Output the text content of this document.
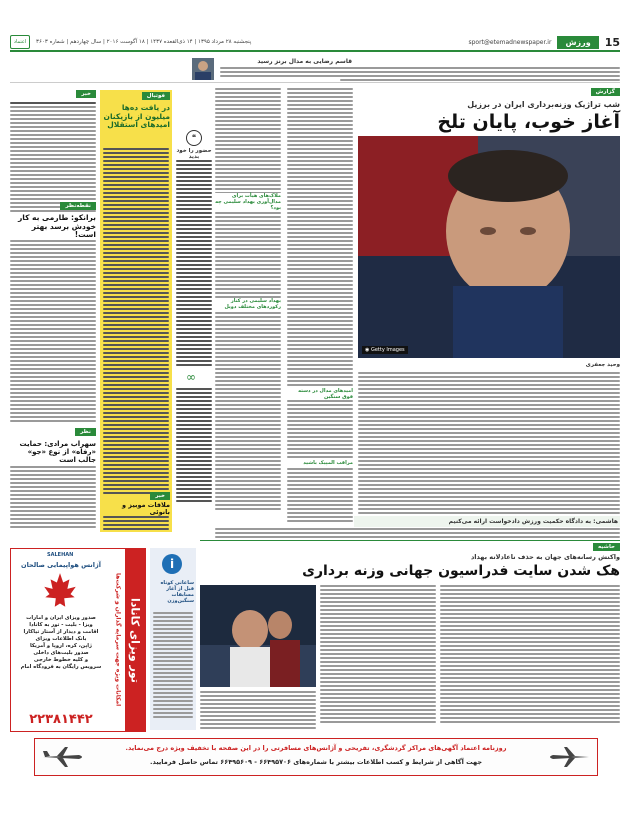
15
ورزش
sport@etemadnewspaper.ir
پنجشنبه ۲۸ مرداد ۱۳۹۵ | ۱۴ ذی‌القعده ۱۴۳۷ | ۱۸ آگوست ۲۰۱۶ | سال چهاردهم | شماره ۳۶۰۳
اعتماد
قاسم رضایی به مدال برنز رسید
گزارش
شب تراژیک وزنه‌برداری ایران در برزیل
آغاز خوب، پایان تلخ
◉ Getty Images
ملاک‌های هیأت برای مدال‌آوری بهداد سلیمی چه بود؟
بهداد سلیمی در کنار رکوردهای مختلف دوبل
امیدهای مدال در دسته فوق سنگین
مراقب المپیک باشید
وحید جعفری
هاشمی: به دادگاه حکمیت ورزش دادخواست ارائه می‌کنیم
❝
حضور را خود بدید
∞
فوتبال
در یافت ده‌ها میلیون از بازیکنان امیدهای استقلال
خبر
ملاقات موبیز و بانوئی
خبر
نقطه‌نظر
برانکو: طارمی به کار خودش برسد بهتر است!
نظر
سهراب مرادی: حمایت «رفاه» از نوع «جو» جالب است
حاشیه
واکنش رسانه‌های جهان به حذف ناعادلانه بهداد
هک شدن سایت فدراسیون جهانی وزنه برداری
i
ساعاتی کوتاه قبل از آغاز مسابقات سنگین‌وزن
تور ویزای کانادا
امکانات ویژه جهت سرمایه گذاران و شرکت‌ها
SALEHAN
آژانس هواپیمایی صالحان
صدور ویزای ایران و امارات
ویزا - بلیت - تور به کانادا
اقامت و دیدار از آستار تیاکارا
بانک اطلاعات ویزای
ژاپن، کره، اروپا و آمریکا
صدور بلیت‌های داخلی
و کلیه خطوط خارجی
سرویس رایگان به فرودگاه امام
۲۲۳۸۱۴۴۲
روزنامه اعتماد آگهی‌های مراکز گردشگری، تفریحی و آژانس‌های مسافرتی را در این صفحه با تخفیف ویژه درج می‌نماید.
جهت آگاهی از شرایط و کسب اطلاعات بیشتر با شماره‌های ۶۶۴۹۵۷۰۶ - ۶۶۴۹۵۶۰۹ تماس حاصل فرمایید.
